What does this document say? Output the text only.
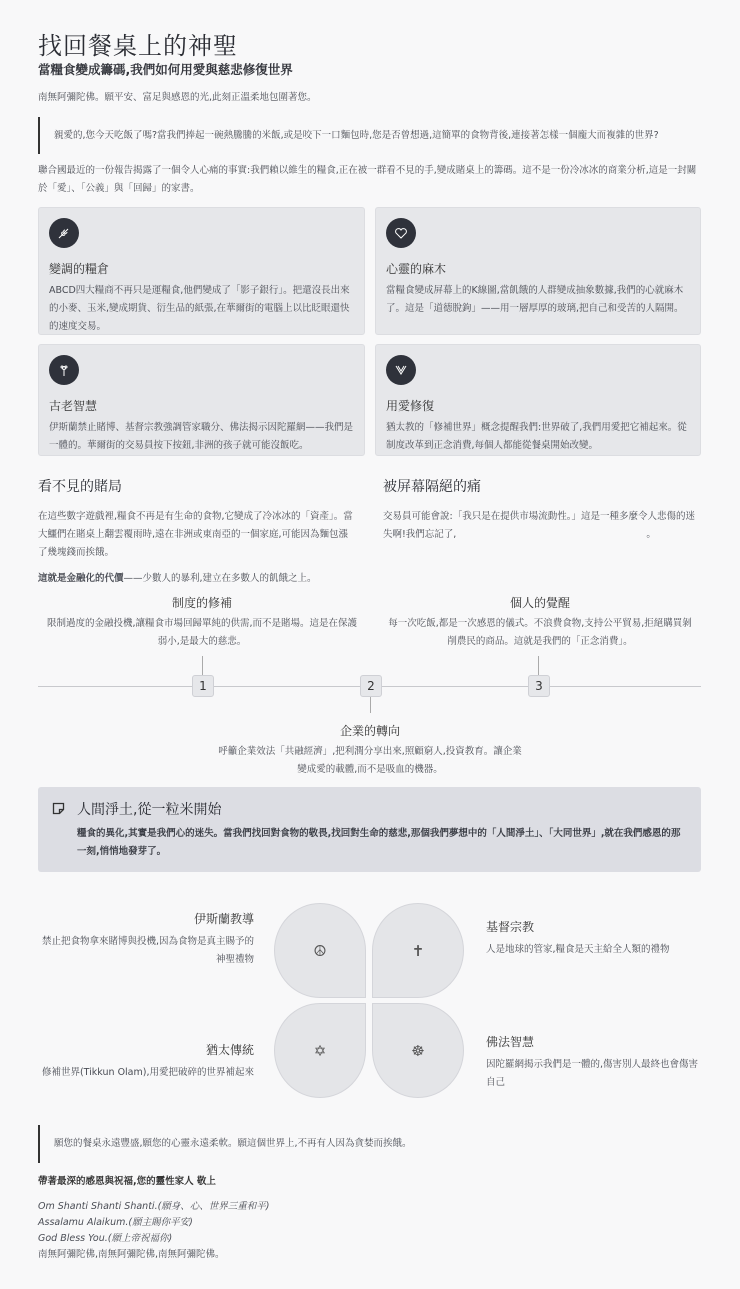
找回餐桌上的神聖
當糧食變成籌碼,我們如何用愛與慈悲修復世界
南無阿彌陀佛。願平安、富足與感恩的光,此刻正溫柔地包圍著您。
親愛的,您今天吃飯了嗎?當我們捧起一碗熱騰騰的米飯,或是咬下一口麵包時,您是否曾想過,這簡單的食物背後,連接著怎樣一個龐大而複雜的世界?
聯合國最近的一份報告揭露了一個令人心痛的事實:我們賴以維生的糧食,正在被一群看不見的手,變成賭桌上的籌碼。這不是一份冷冰冰的商業分析,這是一封關於「愛」、「公義」與「回歸」的家書。
變調的糧倉
ABCD四大糧商不再只是運糧食,他們變成了「影子銀行」。把還沒長出來的小麥、玉米,變成期貨、衍生品的紙張,在華爾街的電腦上以比眨眼還快的速度交易。
心靈的麻木
當糧食變成屏幕上的K線圖,當飢餓的人群變成抽象數據,我們的心就麻木了。這是「道德脫鉤」——用一層厚厚的玻璃,把自己和受苦的人隔開。
古老智慧
伊斯蘭禁止賭博、基督宗教強調管家職分、佛法揭示因陀羅網——我們是一體的。華爾街的交易員按下按鈕,非洲的孩子就可能沒飯吃。
用愛修復
猶太教的「修補世界」概念提醒我們:世界破了,我們用愛把它補起來。從制度改革到正念消費,每個人都能從餐桌開始改變。
看不見的賭局
在這些數字遊戲裡,糧食不再是有生命的食物,它變成了冷冰冰的「資產」。當大鱷們在賭桌上翻雲覆雨時,遠在非洲或東南亞的一個家庭,可能因為麵包漲了幾塊錢而挨餓。
這就是金融化的代價——少數人的暴利,建立在多數人的飢餓之上。
被屏幕隔絕的痛
交易員可能會說:「我只是在提供市場流動性。」這是一種多麼令人悲傷的迷失啊!我們忘記了,	。
制度的修補
限制過度的金融投機,讓糧食市場回歸單純的供需,而不是賭場。這是在保護弱小,是最大的慈悲。
1	2
企業的轉向
呼籲企業效法「共融經濟」,把利潤分享出來,照顧窮人,投資教育。讓企業變成愛的載體,而不是吸血的機器。
3
個人的覺醒
每一次吃飯,都是一次感恩的儀式。不浪費食物,支持公平貿易,拒絕購買剝削農民的商品。這就是我們的「正念消費」。
人間淨土,從一粒米開始
糧食的異化,其實是我們心的迷失。當我們找回對食物的敬畏,找回對生命的慈悲,那個我們夢想中的「人間淨土」、「大同世界」,就在我們感恩的那一刻,悄悄地發芽了。
☮	✝
✡	☸
伊斯蘭教導
禁止把食物拿來賭博與投機,因為食物是真主賜予的神聖禮物
基督宗教
人是地球的管家,糧食是天主給全人類的禮物
猶太傳統
修補世界(Tikkun Olam),用愛把破碎的世界補起來
佛法智慧
因陀羅網揭示我們是一體的,傷害別人最終也會傷害自己
願您的餐桌永遠豐盛,願您的心靈永遠柔軟。願這個世界上,不再有人因為貪婪而挨餓。
帶著最深的感恩與祝福,您的靈性家人 敬上
Om Shanti Shanti Shanti.(願身、心、世界三重和平)
Assalamu Alaikum.(願主賜你平安)
God Bless You.(願上帝祝福你)
南無阿彌陀佛,南無阿彌陀佛,南無阿彌陀佛。
